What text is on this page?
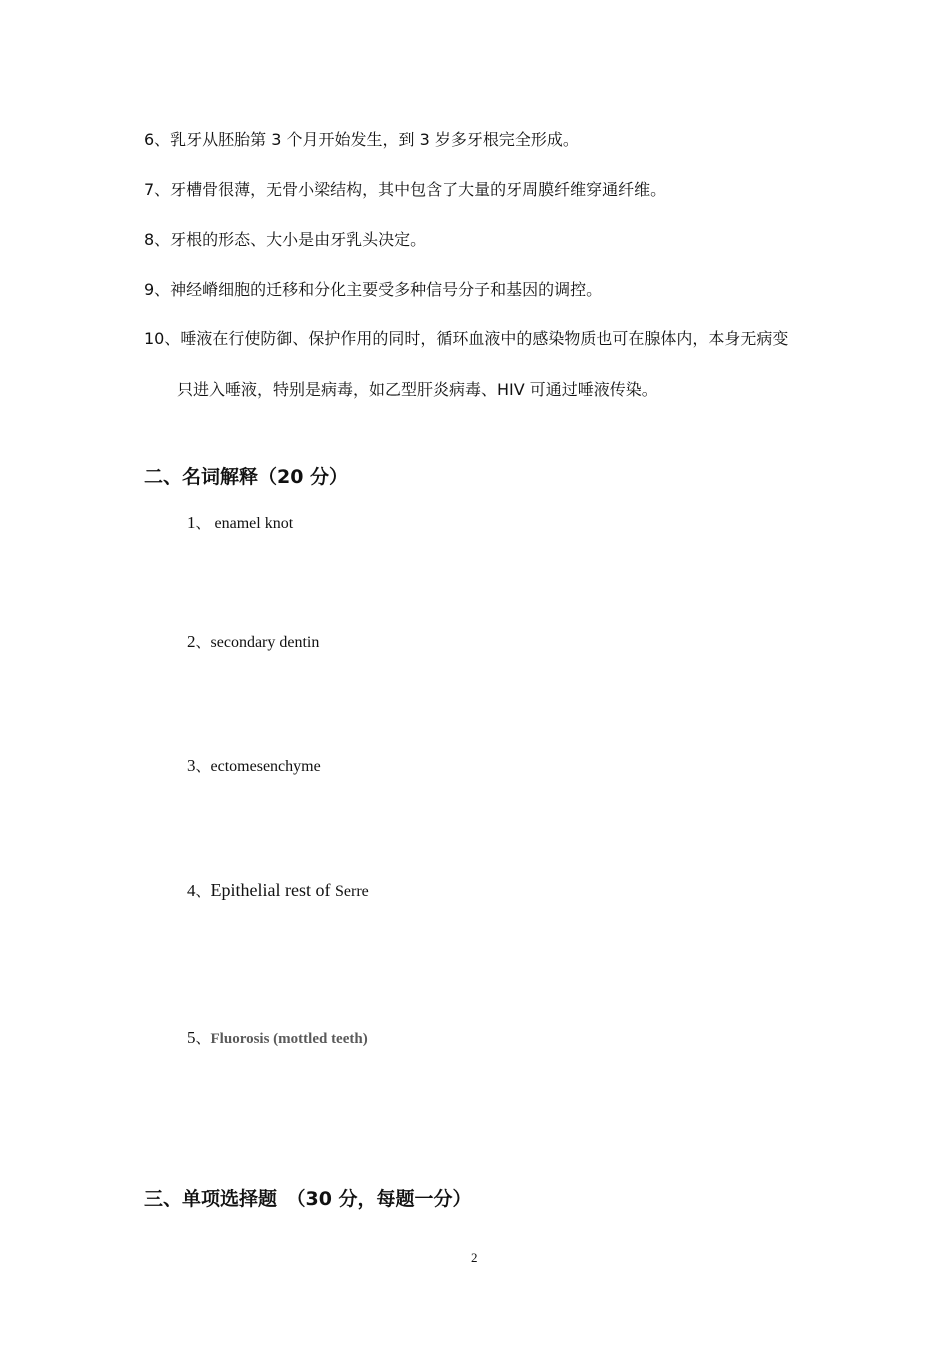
6、乳牙从胚胎第 3 个月开始发生，到 3 岁多牙根完全形成。
7、牙槽骨很薄，无骨小梁结构，其中包含了大量的牙周膜纤维穿通纤维。
8、牙根的形态、大小是由牙乳头决定。
9、神经嵴细胞的迁移和分化主要受多种信号分子和基因的调控。
10、唾液在行使防御、保护作用的同时，循环血液中的感染物质也可在腺体内，本身无病变
只进入唾液，特别是病毒，如乙型肝炎病毒、HIV 可通过唾液传染。
二、名词解释（20 分）
1、 enamel knot
2、secondary dentin
3、ectomesenchyme
4、Epithelial rest of Serre
5、Fluorosis (mottled teeth)
三、单项选择题　（30 分，每题一分）
2
